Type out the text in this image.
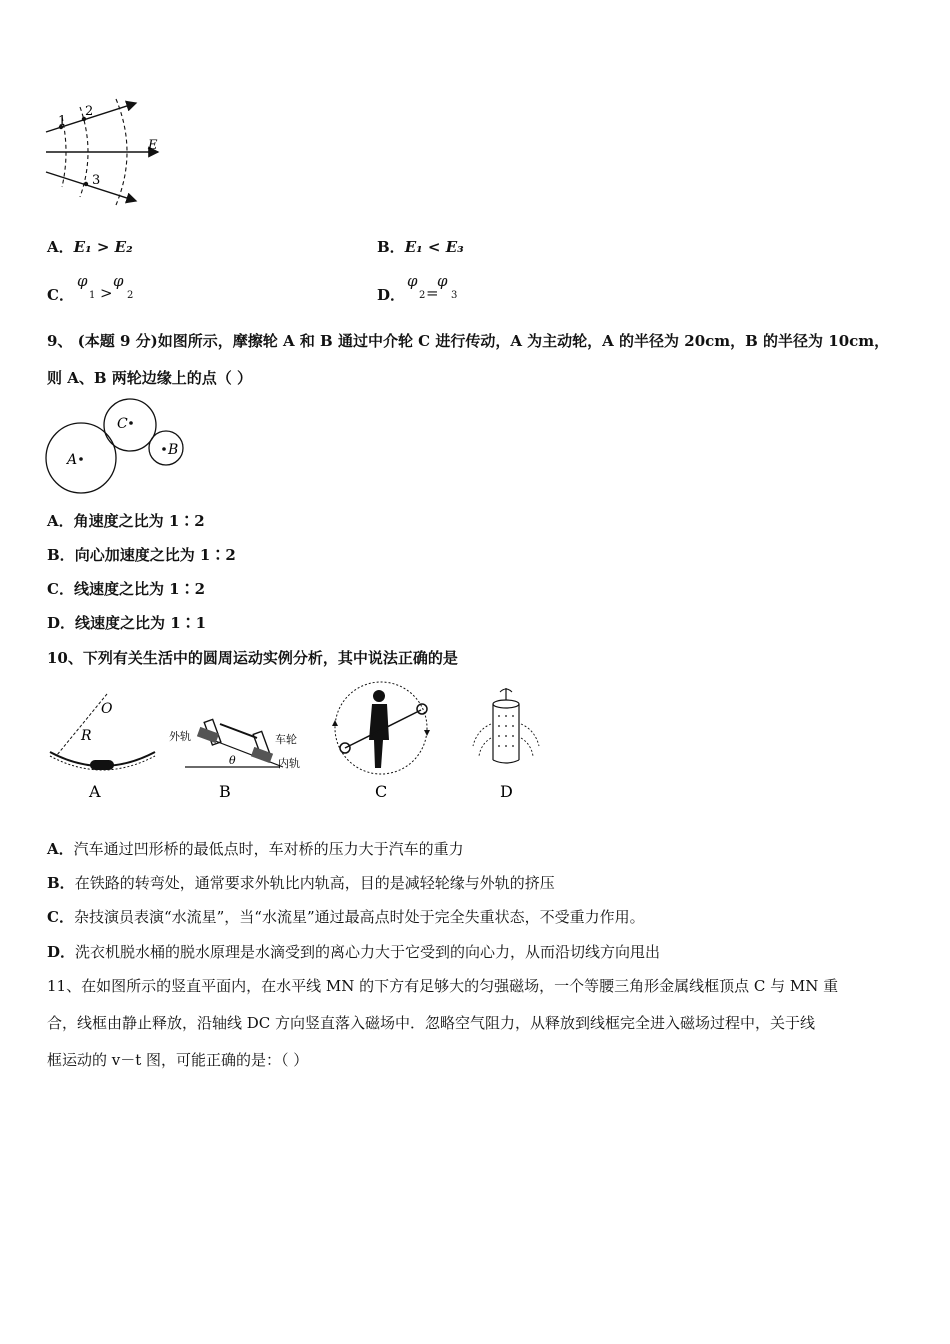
1
2
3
E
A．E₁ > E₂	B．E₁ < E₃
C．
φ
1 >
φ
2	D．
φ
2 =
φ
3
9、 (本题 9 分)如图所示，摩擦轮 A 和 B 通过中介轮 C 进行传动，A 为主动轮，A 的半径为 20cm，B 的半径为 10cm，
则 A、B 两轮边缘上的点（ ）
A
C
B
A．角速度之比为 1∶2
B．向心加速度之比为 1∶2
C．线速度之比为 1∶2
D．线速度之比为 1∶1
10、下列有关生活中的圆周运动实例分析，其中说法正确的是
O
R
A
外轨	车轮
内轨
θ
B	C	D
A．汽车通过凹形桥的最低点时，车对桥的压力大于汽车的重力
B．在铁路的转弯处，通常要求外轨比内轨高，目的是减轻轮缘与外轨的挤压
C．杂技演员表演“水流星”，当“水流星”通过最高点时处于完全失重状态，不受重力作用。
D．洗衣机脱水桶的脱水原理是水滴受到的离心力大于它受到的向心力，从而沿切线方向甩出
11、在如图所示的竖直平面内，在水平线 MN 的下方有足够大的匀强磁场，一个等腰三角形金属线框顶点 C 与 MN 重
合，线框由静止释放，沿轴线 DC 方向竖直落入磁场中．忽略空气阻力，从释放到线框完全进入磁场过程中，关于线
框运动的 v－t 图，可能正确的是：（ ）
